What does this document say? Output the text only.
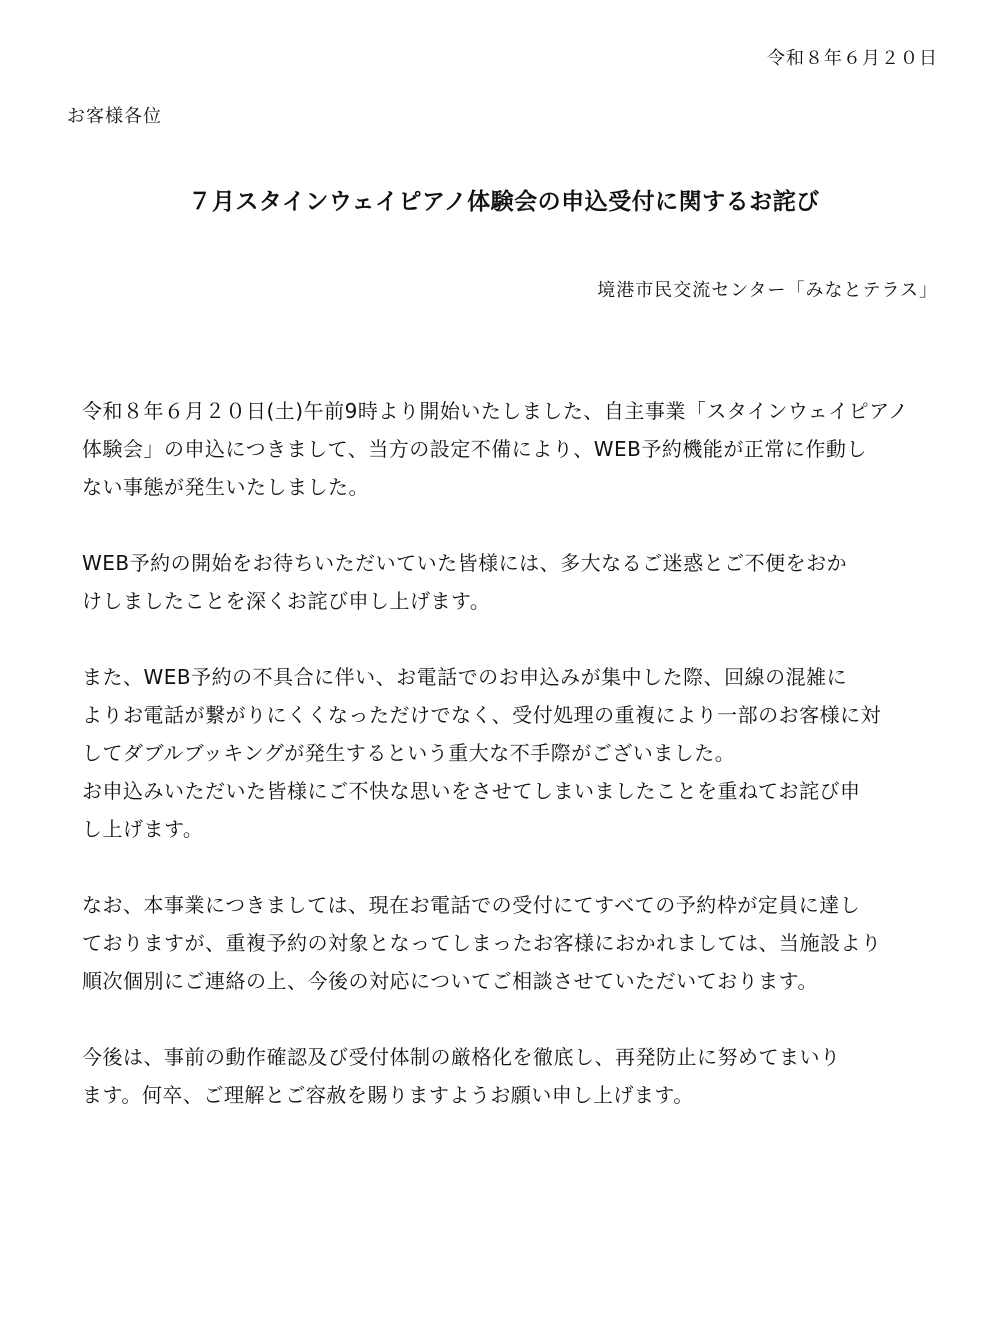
令和８年６月２０日
お客様各位
７月スタインウェイピアノ体験会の申込受付に関するお詫び
境港市民交流センター「みなとテラス」
令和８年６月２０日(土)午前9時より開始いたしました、自主事業「スタインウェイピアノ
体験会」の申込につきまして、当方の設定不備により、WEB予約機能が正常に作動し
ない事態が発生いたしました。
WEB予約の開始をお待ちいただいていた皆様には、多大なるご迷惑とご不便をおか
けしましたことを深くお詫び申し上げます。
また、WEB予約の不具合に伴い、お電話でのお申込みが集中した際、回線の混雑に
よりお電話が繋がりにくくなっただけでなく、受付処理の重複により一部のお客様に対
してダブルブッキングが発生するという重大な不手際がございました。
お申込みいただいた皆様にご不快な思いをさせてしまいましたことを重ねてお詫び申
し上げます。
なお、本事業につきましては、現在お電話での受付にてすべての予約枠が定員に達し
ておりますが、重複予約の対象となってしまったお客様におかれましては、当施設より
順次個別にご連絡の上、今後の対応についてご相談させていただいております。
今後は、事前の動作確認及び受付体制の厳格化を徹底し、再発防止に努めてまいり
ます。何卒、ご理解とご容赦を賜りますようお願い申し上げます。
